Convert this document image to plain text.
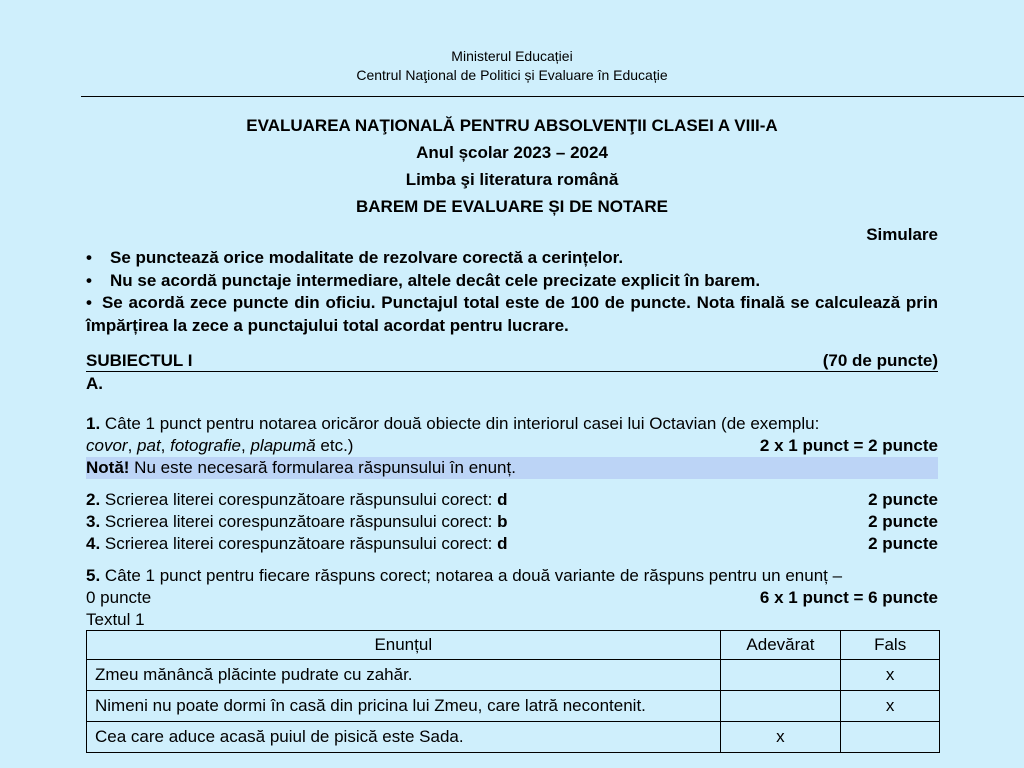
Ministerul Educației
Centrul Naţional de Politici și Evaluare în Educație
EVALUAREA NAŢIONALĂ PENTRU ABSOLVENŢII CLASEI A VIII-A
Anul școlar 2023 – 2024
Limba şi literatura română
BAREM DE EVALUARE ȘI DE NOTARE
Simulare
• Se punctează orice modalitate de rezolvare corectă a cerințelor.
• Nu se acordă punctaje intermediare, altele decât cele precizate explicit în barem.
• Se acordă zece puncte din oficiu. Punctajul total este de 100 de puncte. Nota finală se calculează prin împărțirea la zece a punctajului total acordat pentru lucrare.
SUBIECTUL I	(70 de puncte)
A.
1. Câte 1 punct pentru notarea oricăror două obiecte din interiorul casei lui Octavian (de exemplu:
covor, pat, fotografie, plapumă etc.)	2 x 1 punct = 2 puncte
Notă! Nu este necesară formularea răspunsului în enunț.
2. Scrierea literei corespunzătoare răspunsului corect: d	2 puncte
3. Scrierea literei corespunzătoare răspunsului corect: b	2 puncte
4. Scrierea literei corespunzătoare răspunsului corect: d	2 puncte
5. Câte 1 punct pentru fiecare răspuns corect; notarea a două variante de răspuns pentru un enunț –
0 puncte	6 x 1 punct = 6 puncte
Textul 1
Enunțul	Adevărat	Fals
Zmeu mănâncă plăcinte pudrate cu zahăr.		x
Nimeni nu poate dormi în casă din pricina lui Zmeu, care latră necontenit.		x
Cea care aduce acasă puiul de pisică este Sada.	x	
